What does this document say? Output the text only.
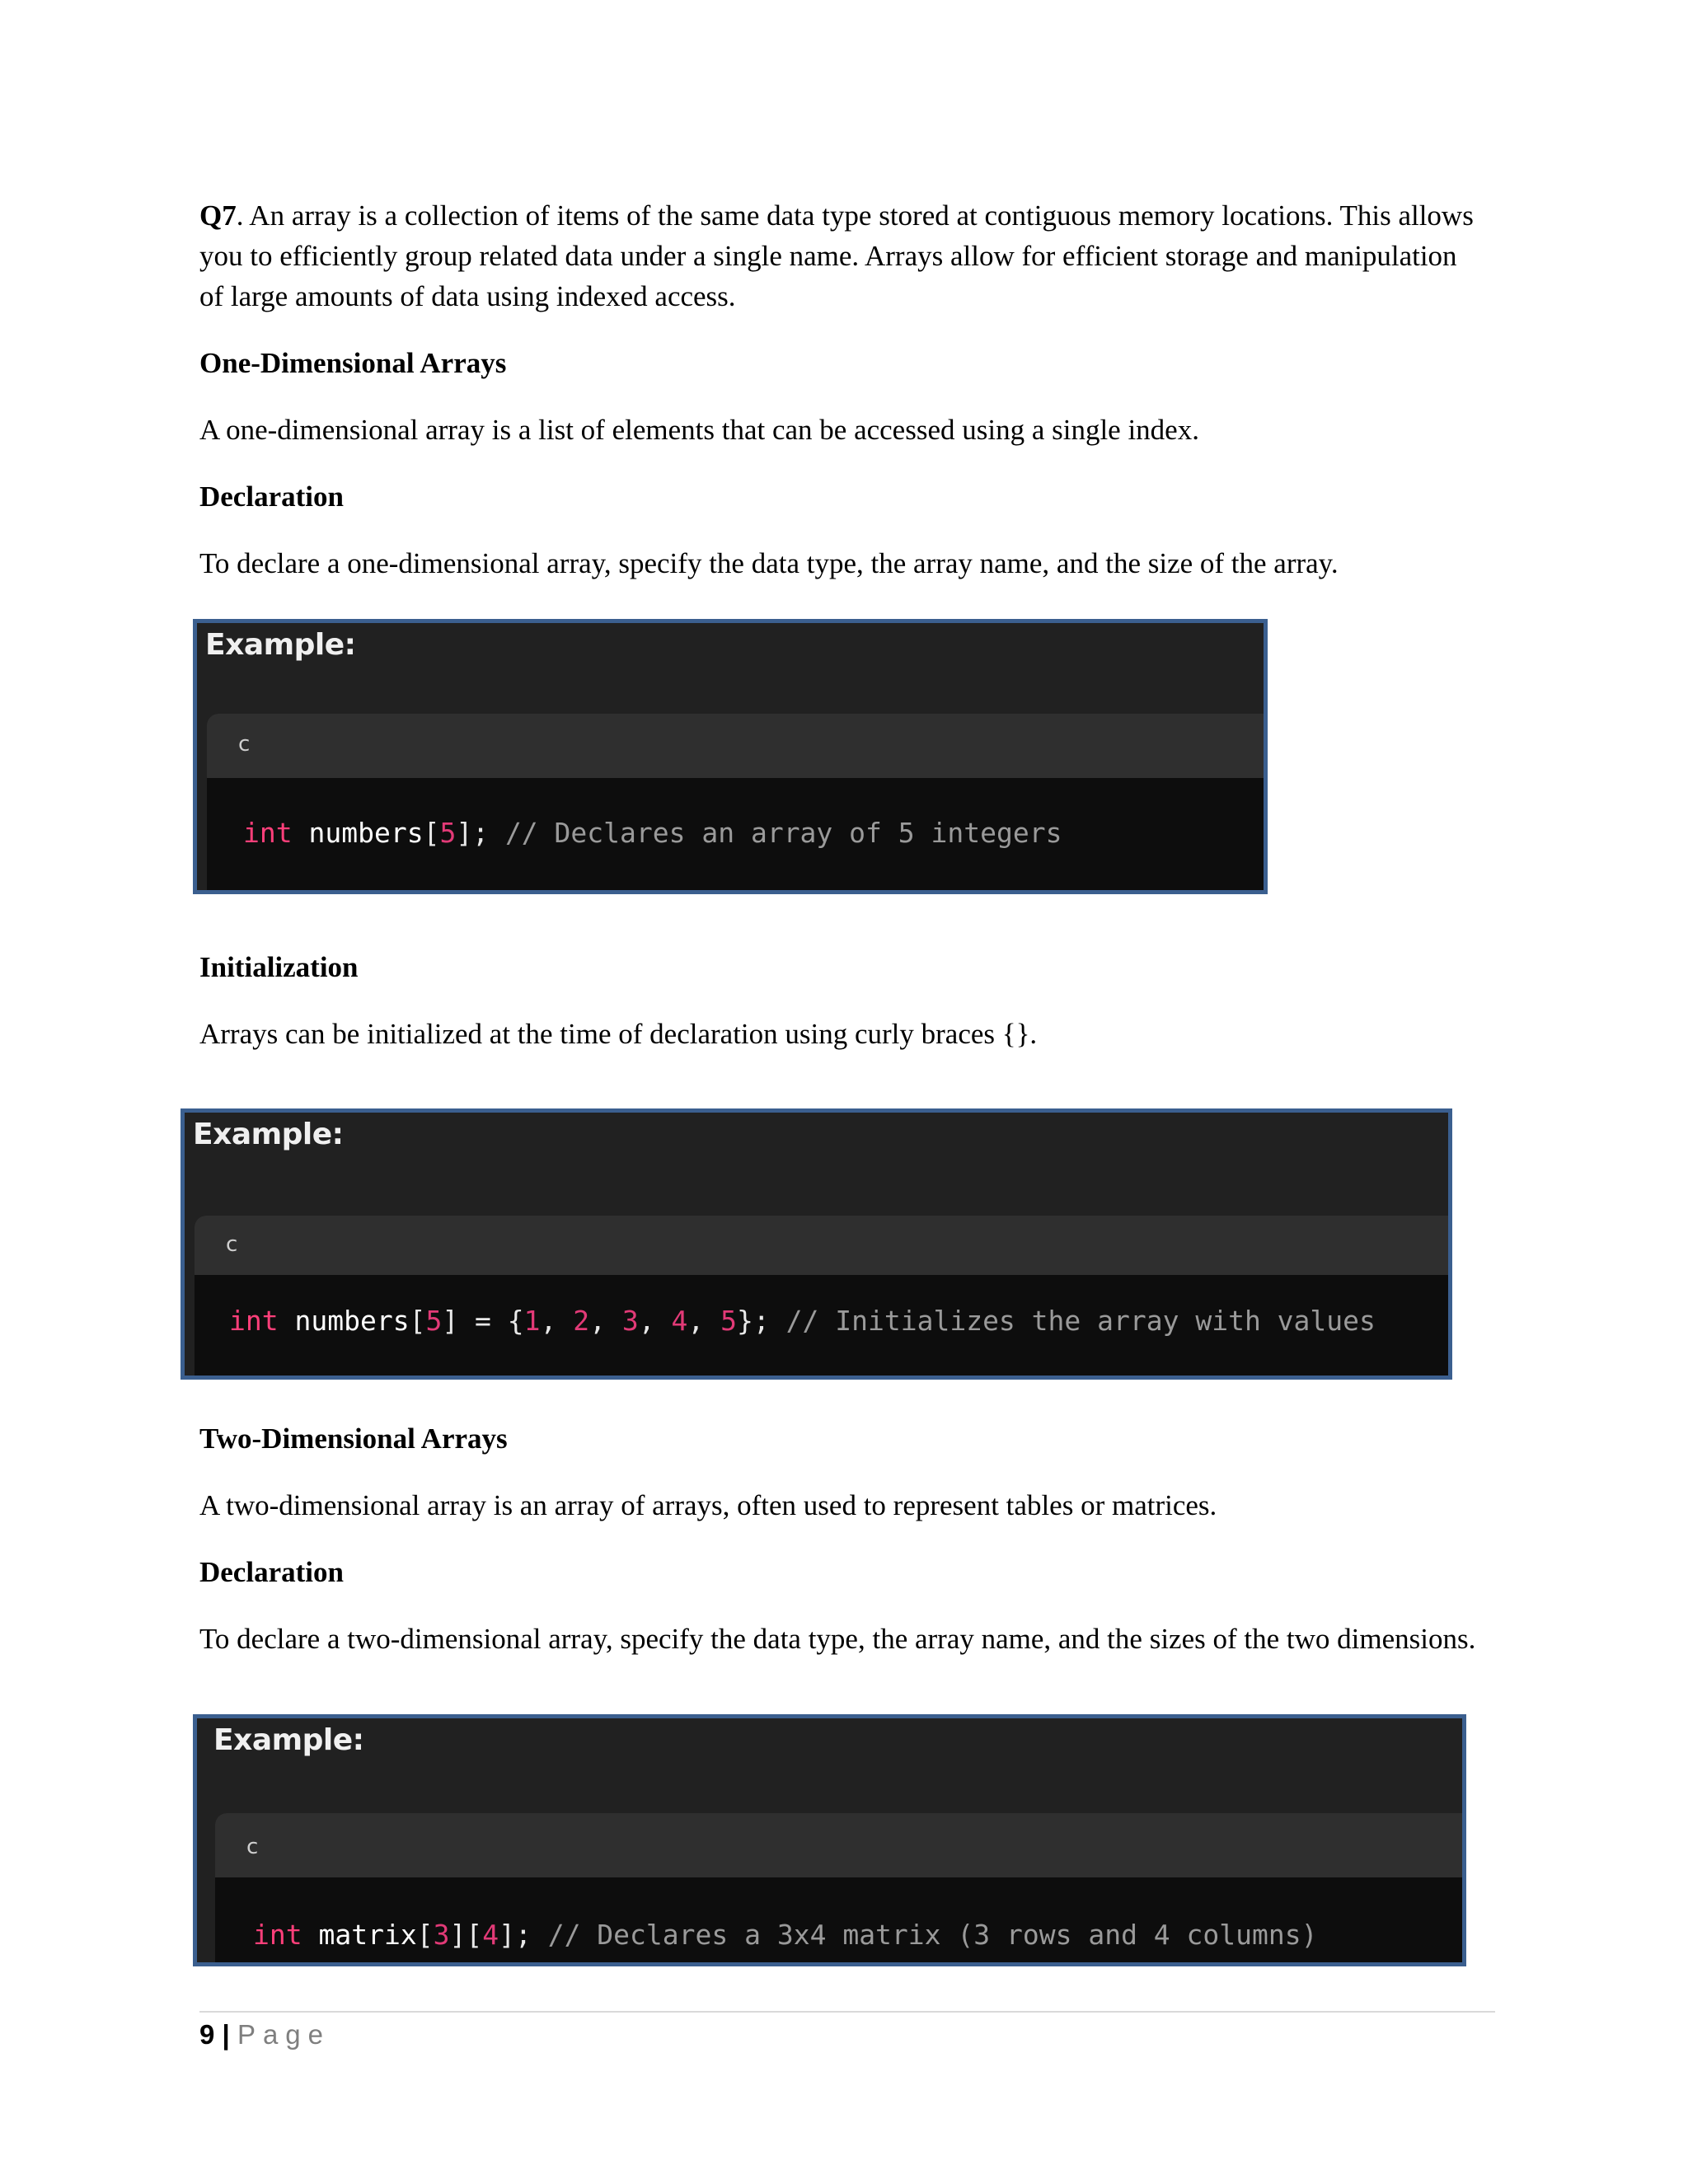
Q7. An array is a collection of items of the same data type stored at contiguous memory locations. This allows you to efficiently group related data under a single name. Arrays allow for efficient storage and manipulation of large amounts of data using indexed access.

One-Dimensional Arrays

A one-dimensional array is a list of elements that can be accessed using a single index.

Declaration

To declare a one-dimensional array, specify the data type, the array name, and the size of the array.

Example:
c
int numbers[5]; // Declares an array of 5 integers

Initialization

Arrays can be initialized at the time of declaration using curly braces {}.

Example:
c
int numbers[5] = {1, 2, 3, 4, 5}; // Initializes the array with values

Two-Dimensional Arrays

A two-dimensional array is an array of arrays, often used to represent tables or matrices.

Declaration

To declare a two-dimensional array, specify the data type, the array name, and the sizes of the two dimensions.

Example:
c
int matrix[3][4]; // Declares a 3x4 matrix (3 rows and 4 columns)
9 | Page
